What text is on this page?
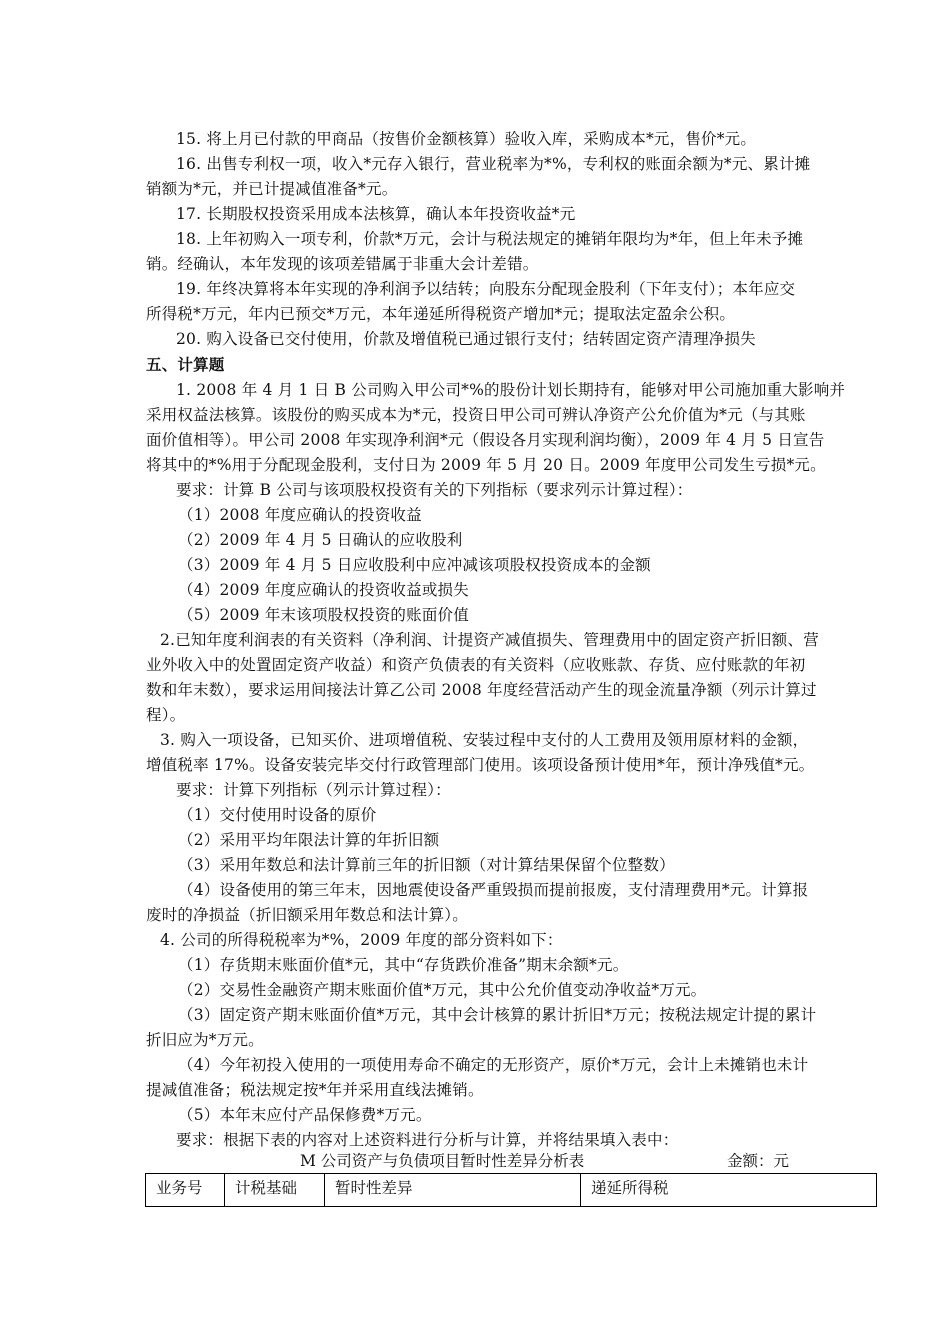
15. 将上月已付款的甲商品（按售价金额核算）验收入库，采购成本*元，售价*元。
16. 出售专利权一项，收入*元存入银行，营业税率为*%，专利权的账面余额为*元、累计摊
销额为*元，并已计提减值准备*元。
17. 长期股权投资采用成本法核算，确认本年投资收益*元
18. 上年初购入一项专利，价款*万元，会计与税法规定的摊销年限均为*年，但上年未予摊
销。经确认，本年发现的该项差错属于非重大会计差错。
19. 年终决算将本年实现的净利润予以结转；向股东分配现金股利（下年支付）；本年应交
所得税*万元，年内已预交*万元，本年递延所得税资产增加*元；提取法定盈余公积。
20. 购入设备已交付使用，价款及增值税已通过银行支付；结转固定资产清理净损失
五、计算题
1. 2008 年 4 月 1 日 B 公司购入甲公司*%的股份计划长期持有，能够对甲公司施加重大影响并
采用权益法核算。该股份的购买成本为*元，投资日甲公司可辨认净资产公允价值为*元（与其账
面价值相等）。甲公司 2008 年实现净利润*元（假设各月实现利润均衡），2009 年 4 月 5 日宣告
将其中的*%用于分配现金股利，支付日为 2009 年 5 月 20 日。2009 年度甲公司发生亏损*元。
要求：计算 B 公司与该项股权投资有关的下列指标（要求列示计算过程）：
（1）2008 年度应确认的投资收益
（2）2009 年 4 月 5 日确认的应收股利
（3）2009 年 4 月 5 日应收股利中应冲减该项股权投资成本的金额
（4）2009 年度应确认的投资收益或损失
（5）2009 年末该项股权投资的账面价值
2.已知年度利润表的有关资料（净利润、计提资产减值损失、管理费用中的固定资产折旧额、营
业外收入中的处置固定资产收益）和资产负债表的有关资料（应收账款、存货、应付账款的年初
数和年末数），要求运用间接法计算乙公司 2008 年度经营活动产生的现金流量净额（列示计算过
程）。
3. 购入一项设备，已知买价、进项增值税、安装过程中支付的人工费用及领用原材料的金额，
增值税率 17%。设备安装完毕交付行政管理部门使用。该项设备预计使用*年，预计净残值*元。
要求：计算下列指标（列示计算过程）：
（1）交付使用时设备的原价
（2）采用平均年限法计算的年折旧额
（3）采用年数总和法计算前三年的折旧额（对计算结果保留个位整数）
（4）设备使用的第三年末，因地震使设备严重毁损而提前报废，支付清理费用*元。计算报
废时的净损益（折旧额采用年数总和法计算）。
4. 公司的所得税税率为*%，2009 年度的部分资料如下：
（1）存货期末账面价值*元，其中“存货跌价准备”期末余额*元。
（2）交易性金融资产期末账面价值*万元，其中公允价值变动净收益*万元。
（3）固定资产期末账面价值*万元，其中会计核算的累计折旧*万元；按税法规定计提的累计
折旧应为*万元。
（4）今年初投入使用的一项使用寿命不确定的无形资产，原价*万元，会计上未摊销也未计
提减值准备；税法规定按*年并采用直线法摊销。
（5）本年末应付产品保修费*万元。
要求：根据下表的内容对上述资料进行分析与计算，并将结果填入表中：
M 公司资产与负债项目暂时性差异分析表	金额：元
业务号	计税基础	暂时性差异	递延所得税
